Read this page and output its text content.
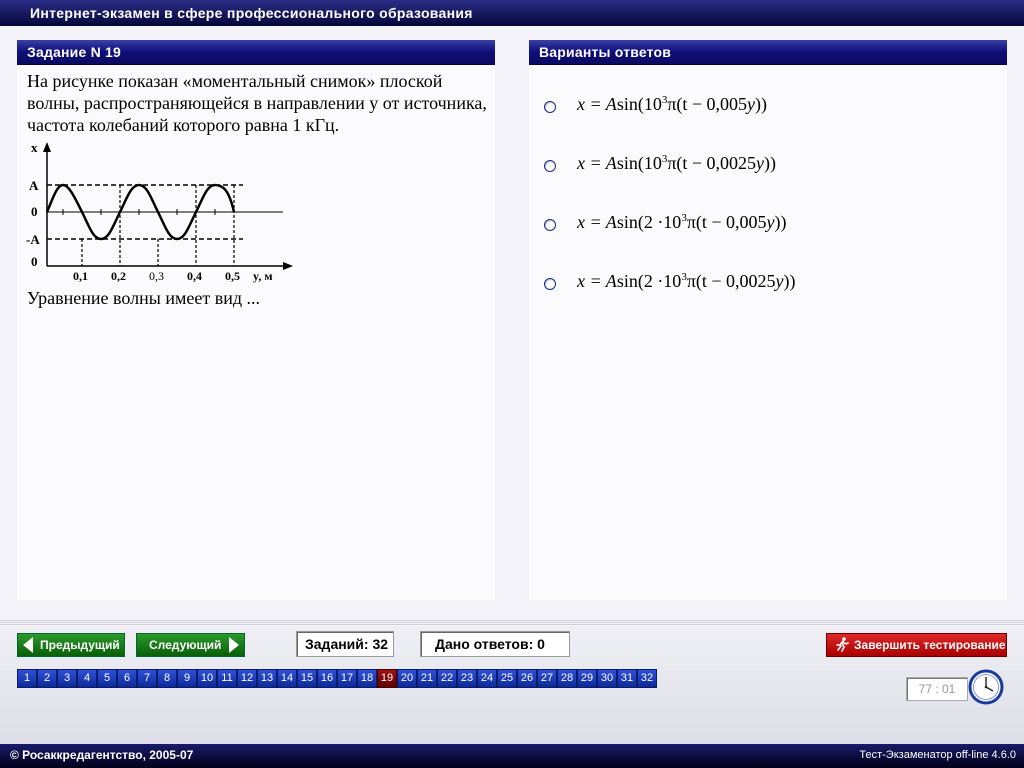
Интернет-экзамен в сфере профессионального образования
Задание N 19
На рисунке показан «моментальный снимок» плоской волны, распространяющейся в направлении y от источника, частота колебаний которого равна 1 кГц.
x
A
0
-A
0
0,1 0,2 0,3 0,4 0,5 y, м
Уравнение волны имеет вид ...
Варианты ответов
$x = Asin(10^3\pi(t - 0,005y))$
$x = Asin(10^3\pi(t - 0,0025y))$
$x = Asin(2 \cdot 10^3\pi(t - 0,005y))$
$x = Asin(2 \cdot 10^3\pi(t - 0,0025y))$
Предыдущий Следующий	Заданий: 32	Дано ответов: 0	Завершить тестирование
1	2	3	4	5	6	7	8	9 10 11 12 13 14 15 16 17 18 19 20 21 22 23 24 25 26 27 28 29 30 31 32
77 : 01
© Росаккредагентство, 2005-07	Тест-Экзаменатор off-line 4.6.0
